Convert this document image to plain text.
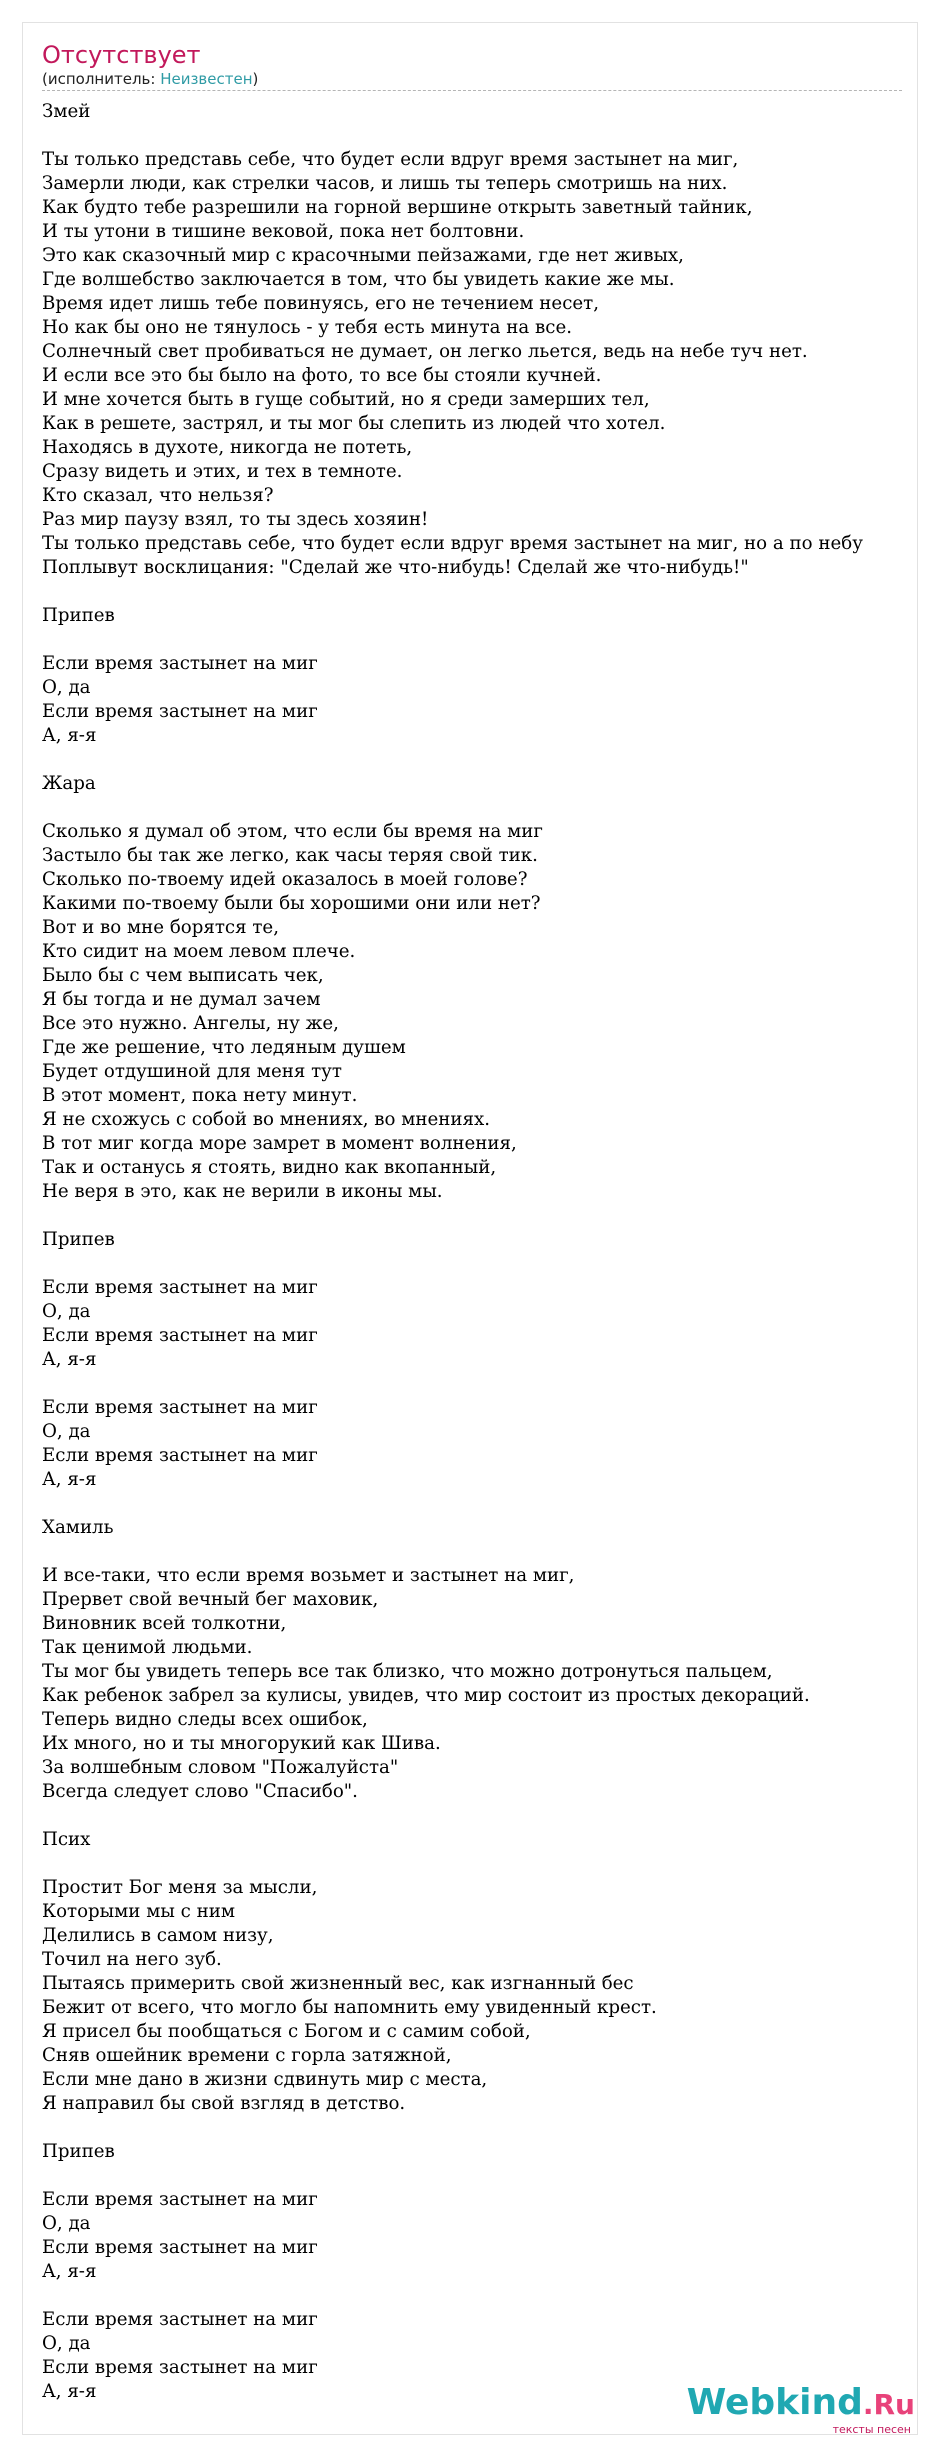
Отсутствует
(исполнитель: Неизвестен)
Змей

Ты только представь себе, что будет если вдруг время застынет на миг,
Замерли люди, как стрелки часов, и лишь ты теперь смотришь на них.
Как будто тебе разрешили на горной вершине открыть заветный тайник,
И ты утони в тишине вековой, пока нет болтовни.
Это как сказочный мир с красочными пейзажами, где нет живых,
Где волшебство заключается в том, что бы увидеть какие же мы.
Время идет лишь тебе повинуясь, его не течением несет,
Но как бы оно не тянулось - у тебя есть минута на все.
Солнечный свет пробиваться не думает, он легко льется, ведь на небе туч нет.
И если все это бы было на фото, то все бы стояли кучней.
И мне хочется быть в гуще событий, но я среди замерших тел,
Как в решете, застрял, и ты мог бы слепить из людей что хотел.
Находясь в духоте, никогда не потеть,
Сразу видеть и этих, и тех в темноте.
Кто сказал, что нельзя?
Раз мир паузу взял, то ты здесь хозяин!
Ты только представь себе, что будет если вдруг время застынет на миг, но а по небу
Поплывут восклицания: "Сделай же что-нибудь! Сделай же что-нибудь!"

Припев

Если время застынет на миг
О, да
Если время застынет на миг
А, я-я

Жара

Сколько я думал об этом, что если бы время на миг
Застыло бы так же легко, как часы теряя свой тик.
Сколько по-твоему идей оказалось в моей голове?
Какими по-твоему были бы хорошими они или нет?
Вот и во мне борятся те,
Кто сидит на моем левом плече.
Было бы с чем выписать чек,
Я бы тогда и не думал зачем
Все это нужно. Ангелы, ну же,
Где же решение, что ледяным душем
Будет отдушиной для меня тут
В этот момент, пока нету минут.
Я не схожусь с собой во мнениях, во мнениях.
В тот миг когда море замрет в момент волнения,
Так и останусь я стоять, видно как вкопанный,
Не веря в это, как не верили в иконы мы.

Припев

Если время застынет на миг
О, да
Если время застынет на миг
А, я-я

Если время застынет на миг
О, да
Если время застынет на миг
А, я-я

Хамиль

И все-таки, что если время возьмет и застынет на миг,
Прервет свой вечный бег маховик,
Виновник всей толкотни,
Так ценимой людьми.
Ты мог бы увидеть теперь все так близко, что можно дотронуться пальцем,
Как ребенок забрел за кулисы, увидев, что мир состоит из простых декораций.
Теперь видно следы всех ошибок,
Их много, но и ты многорукий как Шива.
За волшебным словом "Пожалуйста"
Всегда следует слово "Спасибо".

Псих

Простит Бог меня за мысли,
Которыми мы с ним
Делились в самом низу,
Точил на него зуб.
Пытаясь примерить свой жизненный вес, как изгнанный бес
Бежит от всего, что могло бы напомнить ему увиденный крест.
Я присел бы пообщаться с Богом и с самим собой,
Сняв ошейник времени с горла затяжной,
Если мне дано в жизни сдвинуть мир с места,
Я направил бы свой взгляд в детство.

Припев

Если время застынет на миг
О, да
Если время застынет на миг
А, я-я

Если время застынет на миг
О, да
Если время застынет на миг
А, я-я	Webkind.Ru
тексты песен
